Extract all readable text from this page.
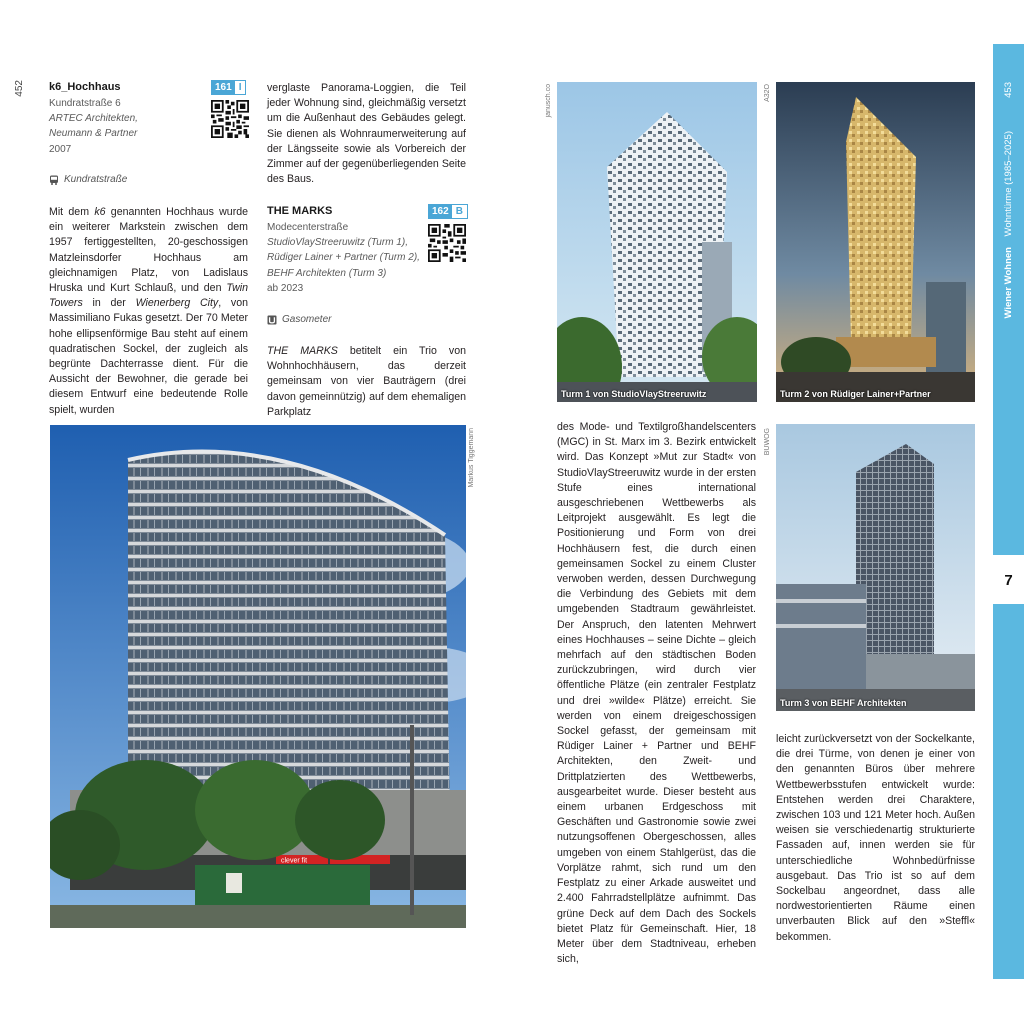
452 k6_Hochhaus	161 I
Kundratstraße 6
ARTEC Architekten,
Neumann & Partner
2007
Kundratstraße

Mit dem k6 genannten Hochhaus wurde ein weiterer Markstein zwischen dem 1957 fertiggestellten, 20-geschossigen Matzleinsdorfer Hochhaus am gleichnamigen Platz, von Ladislaus Hruska und Kurt Schlauß, und den Twin Towers in der Wienerberg City, von Massimiliano Fukas gesetzt. Der 70 Meter hohe ellipsenförmige Bau steht auf einem quadratischen Sockel, der zugleich als begrünte Dachterrasse dient. Für die Aussicht der Bewohner, die gerade bei diesem Entwurf eine bedeutende Rolle spielt, wurden

verglaste Panorama-Loggien, die Teil jeder Wohnung sind, gleichmäßig versetzt um die Außenhaut des Gebäudes gelegt. Sie dienen als Wohnraumerweiterung auf der Längsseite sowie als Vorbereich der Zimmer auf der gegenüberliegenden Seite des Baus.
THE MARKS	162 B
Modecenterstraße
StudioVlayStreeruwitz (Turm 1),
Rüdiger Lainer + Partner (Turm 2),
BEHF Architekten (Turm 3)
ab 2023
Gasometer

THE MARKS betitelt ein Trio von Wohnhochhäusern, das derzeit gemeinsam von vier Bauträgern (drei davon gemeinnützig) auf dem ehemaligen Parkplatz

clever fit
Markus Tiggemann
janusch.co
Turm 1 von StudioVlayStreeruwitz
A32O
Turm 2 von Rüdiger Lainer+Partner
BUWOG
Turm 3 von BEHF Architekten
des Mode- und Textilgroßhandelscenters (MGC) in St. Marx im 3. Bezirk entwickelt wird. Das Konzept »Mut zur Stadt« von StudioVlayStreeruwitz wurde in der ersten Stufe eines international ausgeschriebenen Wettbewerbs als Leitprojekt ausgewählt. Es legt die Positionierung und Form von drei Hochhäusern fest, die durch einen gemeinsamen Sockel zu einem Cluster verwoben werden, dessen Durchwegung die Verbindung des Gebiets mit dem umgebenden Stadtraum gewährleistet. Der Anspruch, den latenten Mehrwert eines Hochhauses – seine Dichte – gleich mehrfach auf den städtischen Boden zurückzubringen, wird durch vier öffentliche Plätze (ein zentraler Festplatz und drei »wilde« Plätze) erreicht. Sie werden von einem dreigeschossigen Sockel gefasst, der gemeinsam mit Rüdiger Lainer + Partner und BEHF Architekten, den Zweit- und Drittplatzierten des Wettbewerbs, ausgearbeitet wurde. Dieser besteht aus einem urbanen Erdgeschoss mit Geschäften und Gastronomie sowie zwei nutzungsoffenen Obergeschossen, alles umgeben von einem Stahlgerüst, das die Vorplätze rahmt, sich rund um den Festplatz zu einer Arkade ausweitet und 2.400 Fahrradstellplätze aufnimmt. Das grüne Deck auf dem Dach des Sockels bietet Platz für Gemeinschaft. Hier, 18 Meter über dem Stadtniveau, erheben sich,
leicht zurückversetzt von der Sockelkante, die drei Türme, von denen je einer von den genannten Büros über mehrere Wettbewerbsstufen entwickelt wurde: Entstehen werden drei Charaktere, zwischen 103 und 121 Meter hoch. Außen weisen sie verschiedenartig strukturierte Fassaden auf, innen werden sie für unterschiedliche Wohnbedürfnisse ausgebaut. Das Trio ist so auf dem Sockelbau angeordnet, dass alle nordwestorientierten Räume einen unverbauten Blick auf den »Steffl« bekommen.
453
Wiener Wohnen    Wohntürme (1985–2025)
7
